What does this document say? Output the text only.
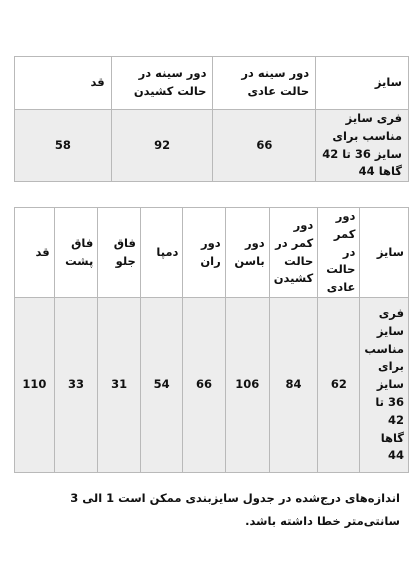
سایز	دور سینه در حالت عادی	دور سینه در حالت کشیدن	قد
فری سایز مناسب برای سایز 36 تا 42 گاها 44	66	92	58
سایز	دور کمر در حالت عادی	دور کمر در حالت کشیدن	دور باسن	دور ران	دمپا	فاق جلو	فاق پشت	قد
فری سایز مناسب برای سایز 36 تا 42 گاها 44	62	84	106	66	54	31	33	110
اندازه‌های درج‌شده در جدول سایزبندی ممکن است 1 الی 3 سانتی‌متر خطا داشته باشد.
